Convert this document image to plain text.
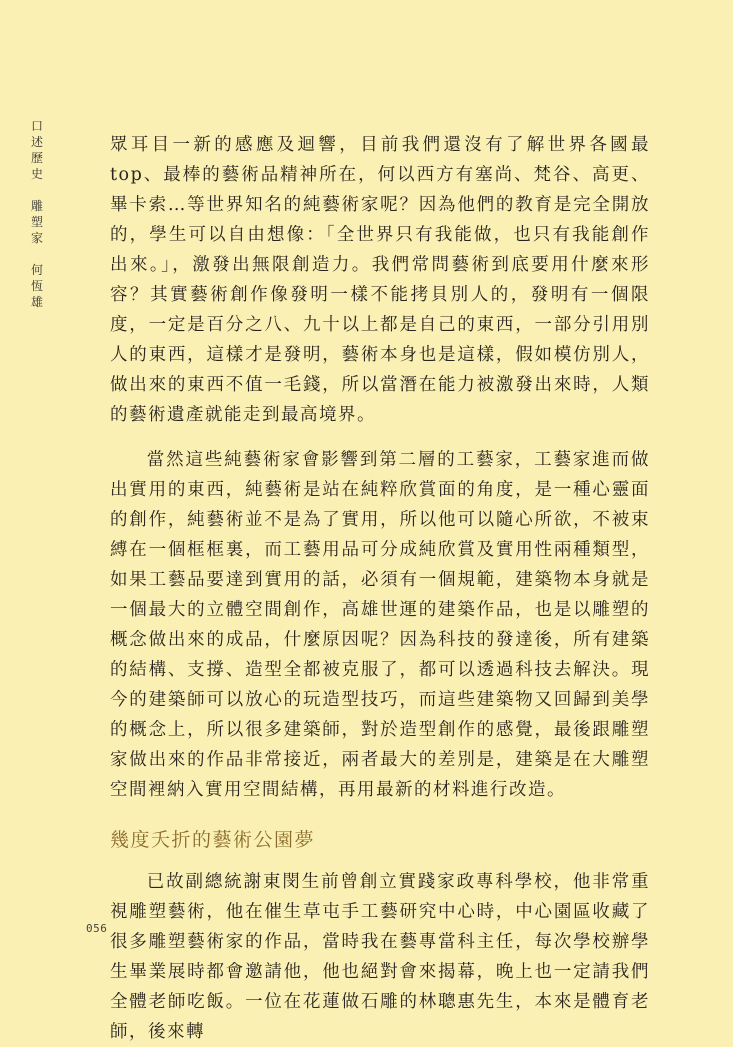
口
述
歷
史
雕
塑
家
何
恆
雄

眾耳目一新的感應及迴響，目前我們還沒有了解世界各國最 top、最棒的藝術品精神所在，何以西方有塞尚、梵谷、高更、畢卡索…等世界知名的純藝術家呢？因為他們的教育是完全開放的，學生可以自由想像：「全世界只有我能做，也只有我能創作出來。」，激發出無限創造力。我們常問藝術到底要用什麼來形容？其實藝術創作像發明一樣不能拷貝別人的，發明有一個限度，一定是百分之八、九十以上都是自己的東西，一部分引用別人的東西，這樣才是發明，藝術本身也是這樣，假如模仿別人，做出來的東西不值一毛錢，所以當潛在能力被激發出來時，人類的藝術遺產就能走到最高境界。

當然這些純藝術家會影響到第二層的工藝家，工藝家進而做出實用的東西，純藝術是站在純粹欣賞面的角度，是一種心靈面的創作，純藝術並不是為了實用，所以他可以隨心所欲，不被束縛在一個框框裏，而工藝用品可分成純欣賞及實用性兩種類型，如果工藝品要達到實用的話，必須有一個規範，建築物本身就是一個最大的立體空間創作，高雄世運的建築作品，也是以雕塑的概念做出來的成品，什麼原因呢？因為科技的發達後，所有建築的結構、支撐、造型全都被克服了，都可以透過科技去解決。現今的建築師可以放心的玩造型技巧，而這些建築物又回歸到美學的概念上，所以很多建築師，對於造型創作的感覺，最後跟雕塑家做出來的作品非常接近，兩者最大的差別是，建築是在大雕塑空間裡納入實用空間結構，再用最新的材料進行改造。

幾度夭折的藝術公園夢

已故副總統謝東閔生前曾創立實踐家政專科學校，他非常重視雕塑藝術，他在催生草屯手工藝研究中心時，中心園區收藏了很多雕塑藝術家的作品，當時我在藝專當科主任，每次學校辦學生畢業展時都會邀請他，他也絕對會來揭幕，晚上也一定請我們全體老師吃飯。一位在花蓮做石雕的林聰惠先生，本來是體育老師，後來轉

056
